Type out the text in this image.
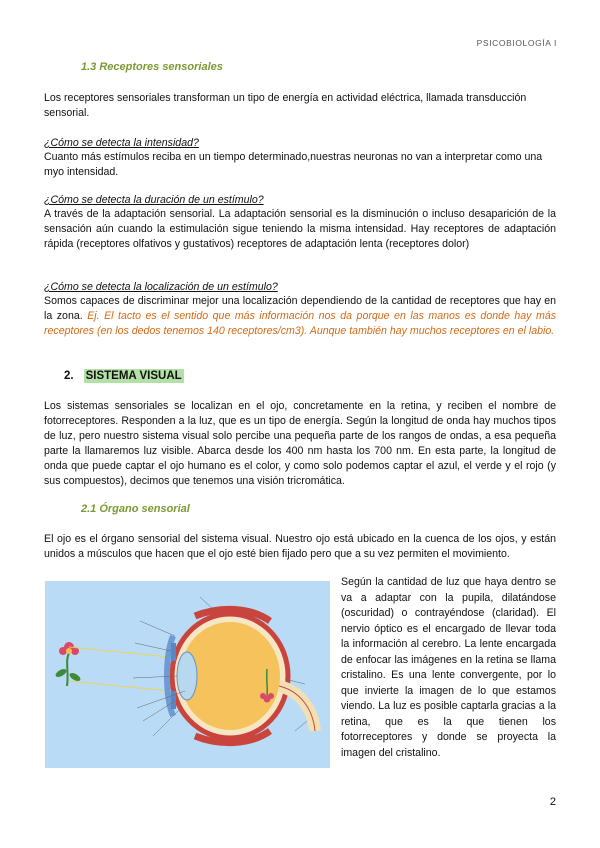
PSICOBIOLOGÍA I
1.3 Receptores sensoriales

Los receptores sensoriales transforman un tipo de energía en actividad eléctrica, llamada transducción sensorial.

¿Cómo se detecta la intensidad?

Cuanto más estímulos reciba en un tiempo determinado,nuestras neuronas no van a interpretar como una myo intensidad.

¿Cómo se detecta la duración de un estímulo?

A través de la adaptación sensorial. La adaptación sensorial es la disminución o incluso desaparición de la sensación aún cuando la estimulación sigue teniendo la misma intensidad. Hay receptores de adaptación rápida (receptores olfativos y gustativos) receptores de adaptación lenta (receptores dolor)

¿Cómo se detecta la localización de un estímulo?

Somos capaces de discriminar mejor una localización dependiendo de la cantidad de receptores que hay en la zona. Ej. El tacto es el sentido que más información nos da porque en las manos es donde hay más receptores (en los dedos tenemos 140 receptores/cm3). Aunque también hay muchos receptores en el labio.

2. SISTEMA VISUAL

Los sistemas sensoriales se localizan en el ojo, concretamente en la retina, y reciben el nombre de fotorreceptores. Responden a la luz, que es un tipo de energía. Según la longitud de onda hay muchos tipos de luz, pero nuestro sistema visual solo percibe una pequeña parte de los rangos de ondas, a esa pequeña parte la llamaremos luz visible. Abarca desde los 400 nm hasta los 700 nm. En esta parte, la longitud de onda que puede captar el ojo humano es el color, y como solo podemos captar el azul, el verde y el rojo (y sus compuestos), decimos que tenemos una visión tricromática.

2.1 Órgano sensorial

El ojo es el órgano sensorial del sistema visual. Nuestro ojo está ubicado en la cuenca de los ojos, y están unidos a músculos que hacen que el ojo esté bien fijado pero que a su vez permiten el movimiento.

Según la cantidad de luz que haya dentro se va a adaptar con la pupila, dilatándose (oscuridad) o contrayéndose (claridad). El nervio óptico es el encargado de llevar toda la información al cerebro. La lente encargada de enfocar las imágenes en la retina se llama cristalino. Es una lente convergente, por lo que invierte la imagen de lo que estamos viendo. La luz es posible captarla gracias a la retina, que es la que tienen los fotorreceptores y donde se proyecta la imagen del cristalino.

2
